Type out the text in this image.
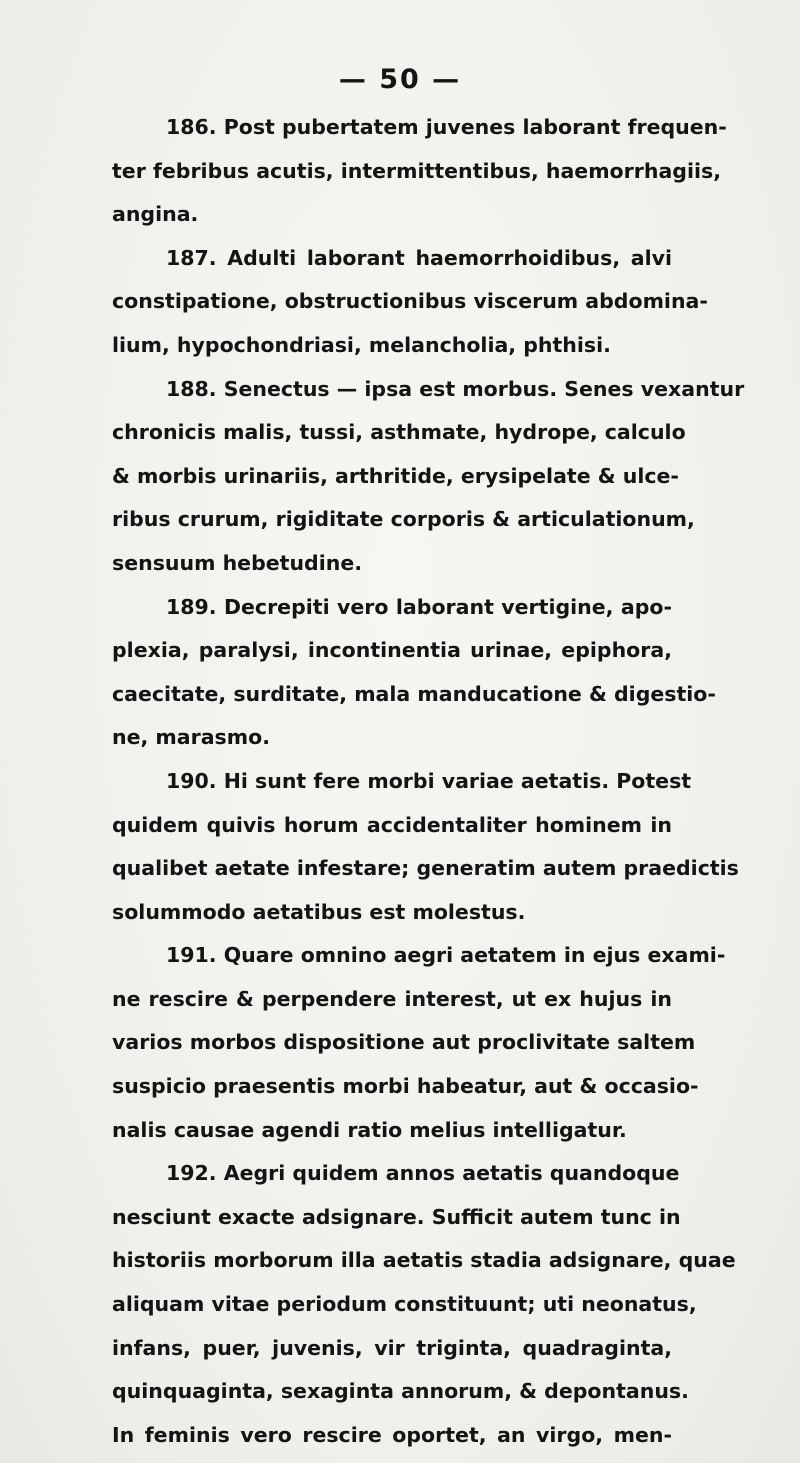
— 50 —
186. Post pubertatem juvenes laborant frequen-
ter febribus acutis, intermittentibus, haemorrhagiis,
angina.
187. Adulti laborant haemorrhoidibus, alvi
constipatione, obstructionibus viscerum abdomina-
lium, hypochondriasi, melancholia, phthisi.
188. Senectus — ipsa est morbus. Senes vexantur
chronicis malis, tussi, asthmate, hydrope, calculo
& morbis urinariis, arthritide, erysipelate & ulce-
ribus crurum, rigiditate corporis & articulationum,
sensuum hebetudine.
189. Decrepiti vero laborant vertigine, apo-
plexia, paralysi, incontinentia urinae, epiphora,
caecitate, surditate, mala manducatione & digestio-
ne, marasmo.
190. Hi sunt fere morbi variae aetatis. Potest
quidem quivis horum accidentaliter hominem in
qualibet aetate infestare; generatim autem praedictis
solummodo aetatibus est molestus.
191. Quare omnino aegri aetatem in ejus exami-
ne rescire & perpendere interest, ut ex hujus in
varios morbos dispositione aut proclivitate saltem
suspicio praesentis morbi habeatur, aut & occasio-
nalis causae agendi ratio melius intelligatur.
192. Aegri quidem annos aetatis quandoque
nesciunt exacte adsignare. Sufficit autem tunc in
historiis morborum illa aetatis stadia adsignare, quae
aliquam vitae periodum constituunt; uti neonatus,
infans, puer, juvenis, vir triginta, quadraginta,
quinquaginta, sexaginta annorum, & depontanus.
In feminis vero rescire oportet, an virgo, men-
